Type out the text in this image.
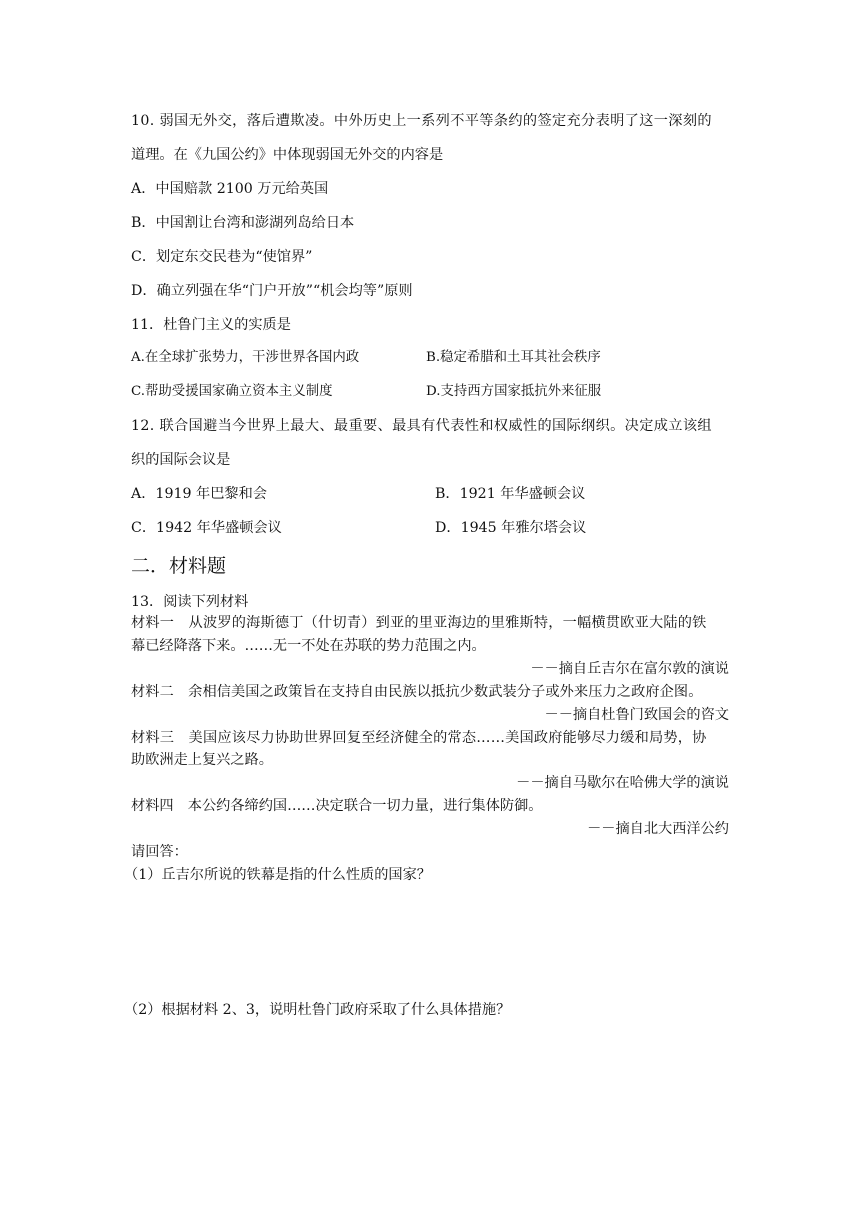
10. 弱国无外交，落后遭欺凌。中外历史上一系列不平等条约的签定充分表明了这一深刻的
道理。在《九国公约》中体现弱国无外交的内容是
A．中国赔款 2100 万元给英国
B．中国割让台湾和澎湖列岛给日本
C．划定东交民巷为“使馆界”
D．确立列强在华“门户开放”“机会均等”原则
11．杜鲁门主义的实质是
A.在全球扩张势力，干涉世界各国内政	B.稳定希腊和土耳其社会秩序
C.帮助受援国家确立资本主义制度	D.支持西方国家抵抗外来征服
12. 联合国避当今世界上最大、最重要、最具有代表性和权威性的国际纲织。决定成立该组
织的国际会议是
A．1919 年巴黎和会	B．1921 年华盛顿会议
C．1942 年华盛顿会议	D．1945 年雅尔塔会议
二．材料题
13．阅读下列材料
材料一　从波罗的海斯德丁（什切青）到亚的里亚海边的里雅斯特，一幅横贯欧亚大陆的铁
幕已经降落下来。……无一不处在苏联的势力范围之内。
－－摘自丘吉尔在富尔敦的演说
材料二　余相信美国之政策旨在支持自由民族以抵抗少数武装分子或外来压力之政府企图。
－－摘自杜鲁门致国会的咨文
材料三　美国应该尽力协助世界回复至经济健全的常态……美国政府能够尽力缓和局势，协
助欧洲走上复兴之路。
－－摘自马歇尔在哈佛大学的演说
材料四　本公约各缔约国……决定联合一切力量，进行集体防御。
－－摘自北大西洋公约
请回答：
（1）丘吉尔所说的铁幕是指的什么性质的国家？
（2）根据材料 2、3，说明杜鲁门政府采取了什么具体措施？
